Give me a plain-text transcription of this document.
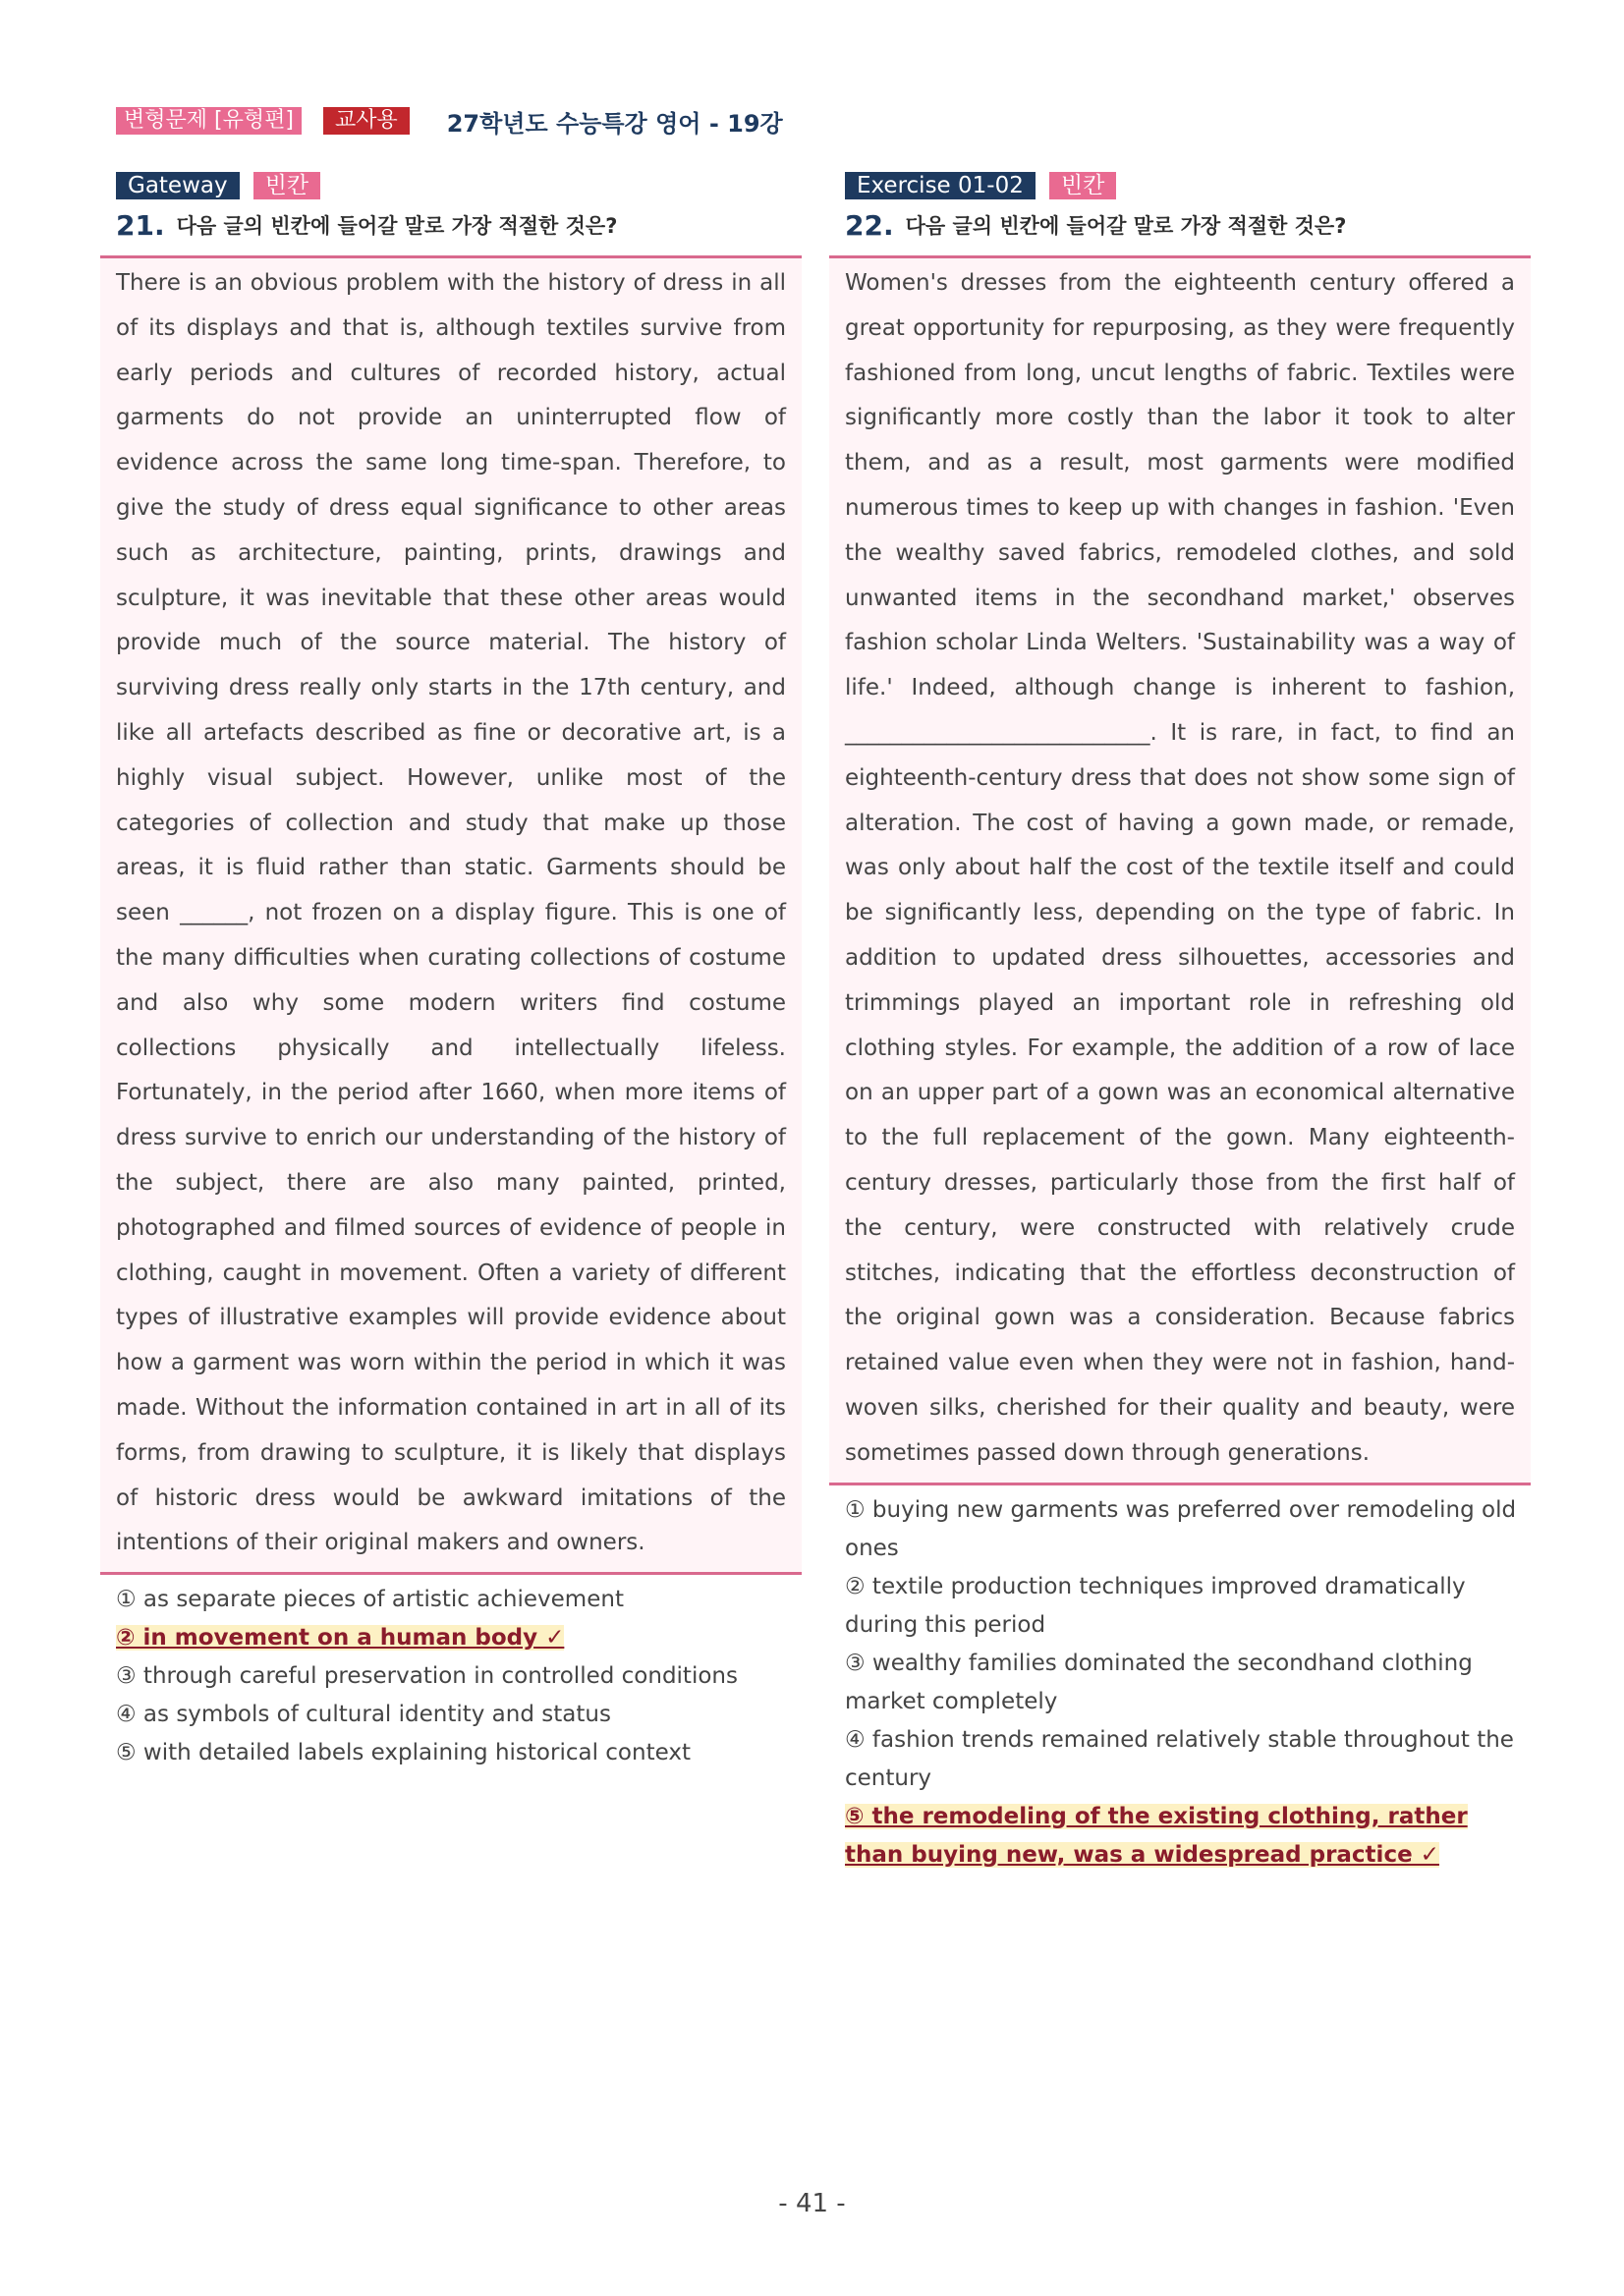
변형문제 [유형편]	교사용	27학년도 수능특강 영어 - 19강
Gateway	빈칸
21. 다음 글의 빈칸에 들어갈 말로 가장 적절한 것은?
There is an obvious problem with the history of dress in all of its displays and that is, although textiles survive from early periods and cultures of recorded history, actual garments do not provide an uninterrupted flow of evidence across the same long time-span. Therefore, to give the study of dress equal significance to other areas such as architecture, painting, prints, drawings and sculpture, it was inevitable that these other areas would provide much of the source material. The history of surviving dress really only starts in the 17th century, and like all artefacts described as fine or decorative art, is a highly visual subject. However, unlike most of the categories of collection and study that make up those areas, it is fluid rather than static. Garments should be seen ______, not frozen on a display figure. This is one of the many difficulties when curating collections of costume and also why some modern writers find costume collections physically and intellectually lifeless. Fortunately, in the period after 1660, when more items of dress survive to enrich our understanding of the history of the subject, there are also many painted, printed, photographed and filmed sources of evidence of people in clothing, caught in movement. Often a variety of different types of illustrative examples will provide evidence about how a garment was worn within the period in which it was made. Without the information contained in art in all of its forms, from drawing to sculpture, it is likely that displays of historic dress would be awkward imitations of the intentions of their original makers and owners.
① as separate pieces of artistic achievement
② in movement on a human body ✓
③ through careful preservation in controlled conditions
④ as symbols of cultural identity and status
⑤ with detailed labels explaining historical context
Exercise 01-02	빈칸
22. 다음 글의 빈칸에 들어갈 말로 가장 적절한 것은?
Women's dresses from the eighteenth century offered a great opportunity for repurposing, as they were frequently fashioned from long, uncut lengths of fabric. Textiles were significantly more costly than the labor it took to alter them, and as a result, most garments were modified numerous times to keep up with changes in fashion. 'Even the wealthy saved fabrics, remodeled clothes, and sold unwanted items in the secondhand market,' observes fashion scholar Linda Welters. 'Sustainability was a way of life.' Indeed, although change is inherent to fashion, ___________________________. It is rare, in fact, to find an eighteenth-century dress that does not show some sign of alteration. The cost of having a gown made, or remade, was only about half the cost of the textile itself and could be significantly less, depending on the type of fabric. In addition to updated dress silhouettes, accessories and trimmings played an important role in refreshing old clothing styles. For example, the addition of a row of lace on an upper part of a gown was an economical alternative to the full replacement of the gown. Many eighteenth-century dresses, particularly those from the first half of the century, were constructed with relatively crude stitches, indicating that the effortless deconstruction of the original gown was a consideration. Because fabrics retained value even when they were not in fashion, hand-woven silks, cherished for their quality and beauty, were sometimes passed down through generations.
① buying new garments was preferred over remodeling old ones
② textile production techniques improved dramatically during this period
③ wealthy families dominated the secondhand clothing market completely
④ fashion trends remained relatively stable throughout the century
⑤ the remodeling of the existing clothing, rather than buying new, was a widespread practice ✓
- 41 -
